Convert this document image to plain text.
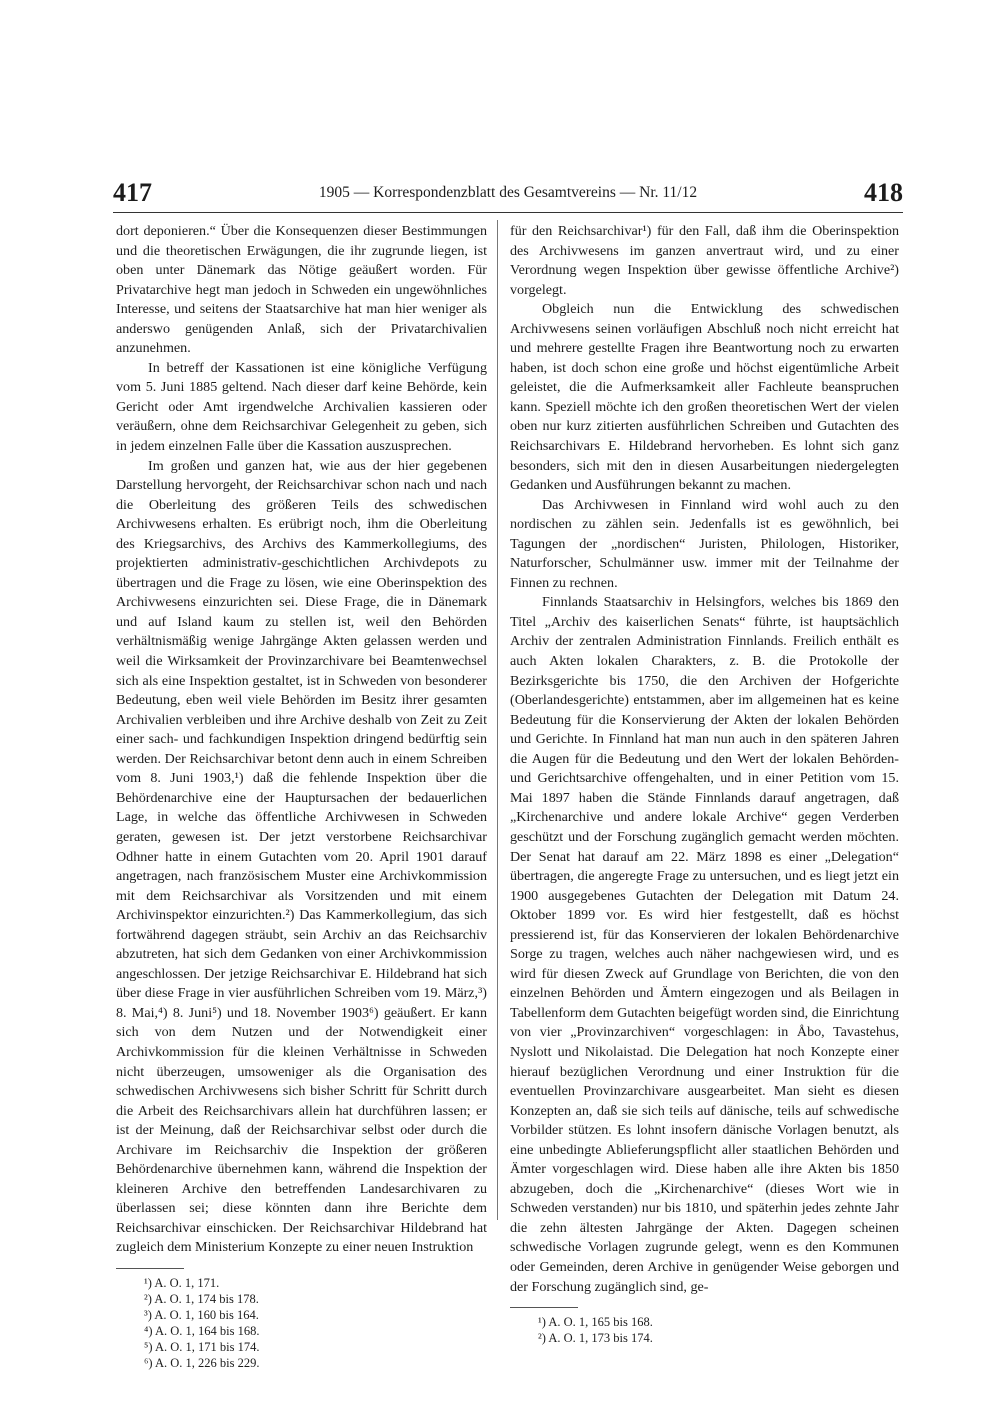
417	1905 — Korrespondenzblatt des Gesamtvereins — Nr. 11/12	418

dort deponieren.“ Über die Konsequenzen dieser Bestimmungen und die theoretischen Erwägungen, die ihr zugrunde liegen, ist oben unter Dänemark das Nötige geäußert worden. Für Privatarchive hegt man jedoch in Schweden ein ungewöhnliches Interesse, und seitens der Staatsarchive hat man hier weniger als anderswo genügenden Anlaß, sich der Privatarchivalien anzunehmen.

In betreff der Kassationen ist eine königliche Verfügung vom 5. Juni 1885 geltend. Nach dieser darf keine Behörde, kein Gericht oder Amt irgendwelche Archivalien kassieren oder veräußern, ohne dem Reichsarchivar Gelegenheit zu geben, sich in jedem einzelnen Falle über die Kassation auszusprechen.

Im großen und ganzen hat, wie aus der hier gegebenen Darstellung hervorgeht, der Reichsarchivar schon nach und nach die Oberleitung des größeren Teils des schwedischen Archivwesens erhalten. Es erübrigt noch, ihm die Oberleitung des Kriegsarchivs, des Archivs des Kammerkollegiums, des projektierten administrativ-geschichtlichen Archivdepots zu übertragen und die Frage zu lösen, wie eine Oberinspektion des Archivwesens einzurichten sei. Diese Frage, die in Dänemark und auf Island kaum zu stellen ist, weil den Behörden verhältnismäßig wenige Jahrgänge Akten gelassen werden und weil die Wirksamkeit der Provinzarchivare bei Beamtenwechsel sich als eine Inspektion gestaltet, ist in Schweden von besonderer Bedeutung, eben weil viele Behörden im Besitz ihrer gesamten Archivalien verbleiben und ihre Archive deshalb von Zeit zu Zeit einer sach- und fachkundigen Inspektion dringend bedürftig sein werden. Der Reichsarchivar betont denn auch in einem Schreiben vom 8. Juni 1903,¹) daß die fehlende Inspektion über die Behördenarchive eine der Hauptursachen der bedauerlichen Lage, in welche das öffentliche Archivwesen in Schweden geraten, gewesen ist. Der jetzt verstorbene Reichsarchivar Odhner hatte in einem Gutachten vom 20. April 1901 darauf angetragen, nach französischem Muster eine Archivkommission mit dem Reichsarchivar als Vorsitzenden und mit einem Archivinspektor einzurichten.²) Das Kammerkollegium, das sich fortwährend dagegen sträubt, sein Archiv an das Reichsarchiv abzutreten, hat sich dem Gedanken von einer Archivkommission angeschlossen. Der jetzige Reichsarchivar E. Hildebrand hat sich über diese Frage in vier ausführlichen Schreiben vom 19. März,³) 8. Mai,⁴) 8. Juni⁵) und 18. November 1903⁶) geäußert. Er kann sich von dem Nutzen und der Notwendigkeit einer Archivkommission für die kleinen Verhältnisse in Schweden nicht überzeugen, umsoweniger als die Organisation des schwedischen Archivwesens sich bisher Schritt für Schritt durch die Arbeit des Reichsarchivars allein hat durchführen lassen; er ist der Meinung, daß der Reichsarchivar selbst oder durch die Archivare im Reichsarchiv die Inspektion der größeren Behördenarchive übernehmen kann, während die Inspektion der kleineren Archive den betreffenden Landesarchivaren zu überlassen sei; diese könnten dann ihre Berichte dem Reichsarchivar einschicken. Der Reichsarchivar Hildebrand hat zugleich dem Ministerium Konzepte zu einer neuen Instruktion

¹) A. O. 1, 171.
²) A. O. 1, 174 bis 178.
³) A. O. 1, 160 bis 164.
⁴) A. O. 1, 164 bis 168.
⁵) A. O. 1, 171 bis 174.
⁶) A. O. 1, 226 bis 229.

für den Reichsarchivar¹) für den Fall, daß ihm die Oberinspektion des Archivwesens im ganzen anvertraut wird, und zu einer Verordnung wegen Inspektion über gewisse öffentliche Archive²) vorgelegt.

Obgleich nun die Entwicklung des schwedischen Archivwesens seinen vorläufigen Abschluß noch nicht erreicht hat und mehrere gestellte Fragen ihre Beantwortung noch zu erwarten haben, ist doch schon eine große und höchst eigentümliche Arbeit geleistet, die die Aufmerksamkeit aller Fachleute beanspruchen kann. Speziell möchte ich den großen theoretischen Wert der vielen oben nur kurz zitierten ausführlichen Schreiben und Gutachten des Reichsarchivars E. Hildebrand hervorheben. Es lohnt sich ganz besonders, sich mit den in diesen Ausarbeitungen niedergelegten Gedanken und Ausführungen bekannt zu machen.

Das Archivwesen in Finnland wird wohl auch zu den nordischen zu zählen sein. Jedenfalls ist es gewöhnlich, bei Tagungen der „nordischen“ Juristen, Philologen, Historiker, Naturforscher, Schulmänner usw. immer mit der Teilnahme der Finnen zu rechnen.

Finnlands Staatsarchiv in Helsingfors, welches bis 1869 den Titel „Archiv des kaiserlichen Senats“ führte, ist hauptsächlich Archiv der zentralen Administration Finnlands. Freilich enthält es auch Akten lokalen Charakters, z. B. die Protokolle der Bezirksgerichte bis 1750, die den Archiven der Hofgerichte (Oberlandesgerichte) entstammen, aber im allgemeinen hat es keine Bedeutung für die Konservierung der Akten der lokalen Behörden und Gerichte. In Finnland hat man nun auch in den späteren Jahren die Augen für die Bedeutung und den Wert der lokalen Behörden- und Gerichtsarchive offengehalten, und in einer Petition vom 15. Mai 1897 haben die Stände Finnlands darauf angetragen, daß „Kirchenarchive und andere lokale Archive“ gegen Verderben geschützt und der Forschung zugänglich gemacht werden möchten. Der Senat hat darauf am 22. März 1898 es einer „Delegation“ übertragen, die angeregte Frage zu untersuchen, und es liegt jetzt ein 1900 ausgegebenes Gutachten der Delegation mit Datum 24. Oktober 1899 vor. Es wird hier festgestellt, daß es höchst pressierend ist, für das Konservieren der lokalen Behördenarchive Sorge zu tragen, welches auch näher nachgewiesen wird, und es wird für diesen Zweck auf Grundlage von Berichten, die von den einzelnen Behörden und Ämtern eingezogen und als Beilagen in Tabellenform dem Gutachten beigefügt worden sind, die Einrichtung von vier „Provinzarchiven“ vorgeschlagen: in Åbo, Tavastehus, Nyslott und Nikolaistad. Die Delegation hat noch Konzepte einer hierauf bezüglichen Verordnung und einer Instruktion für die eventuellen Provinzarchivare ausgearbeitet. Man sieht es diesen Konzepten an, daß sie sich teils auf dänische, teils auf schwedische Vorbilder stützen. Es lohnt insofern dänische Vorlagen benutzt, als eine unbedingte Ablieferungspflicht aller staatlichen Behörden und Ämter vorgeschlagen wird. Diese haben alle ihre Akten bis 1850 abzugeben, doch die „Kirchenarchive“ (dieses Wort wie in Schweden verstanden) nur bis 1810, und späterhin jedes zehnte Jahr die zehn ältesten Jahrgänge der Akten. Dagegen scheinen schwedische Vorlagen zugrunde gelegt, wenn es den Kommunen oder Gemeinden, deren Archive in genügender Weise geborgen und der Forschung zugänglich sind, ge-

¹) A. O. 1, 165 bis 168.
²) A. O. 1, 173 bis 174.
